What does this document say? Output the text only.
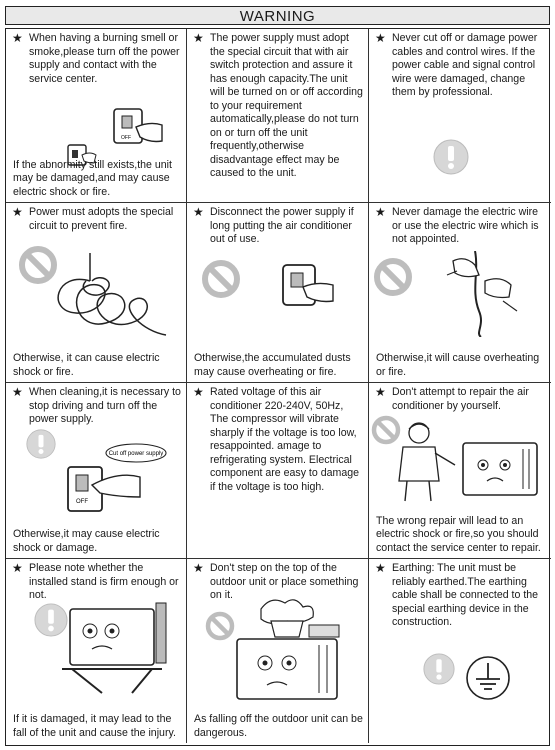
WARNING
★ When having a burning smell or smoke,please turn off the power supply and contact with the service center.
OFF
If the abnormity still exists,the unit may be damaged,and may cause electric shock or fire.
★ The power supply must adopt the special circuit that with air switch protection and assure it has enough capacity.The unit will be turned on or off according to your requirement automatically,please do not turn on or turn off the unit frequently,otherwise disadvantage effect may be caused to the unit.
★ Never cut off or damage power cables and control wires. If the power cable and signal control wire were damaged, change them by professional.
★ Power must adopts the special circuit to prevent fire.
Otherwise, it can cause electric shock or fire.
★ Disconnect the power supply if long putting the air conditioner out of use.
Otherwise,the accumulated dusts may cause overheating or fire.
★ Never damage the electric wire or use the electric wire which is not appointed.
Otherwise,it will cause overheating or fire.
★ When cleaning,it is necessary to stop driving and turn off the power supply.
Cut off power supply
OFF
Otherwise,it may cause electric shock or damage.
★ Rated voltage of this air conditioner 220-240V, 50Hz, The compressor will vibrate sharply if the voltage is too low, resappointed. amage to refrigerating system. Electrical component are easy to damage if the voltage is too high.
★ Don't attempt to repair the air conditioner by yourself.
The wrong repair will lead to an electric shock or fire,so you should contact the service center to repair.
★ Please note whether the installed stand is firm enough or not.
If it is damaged, it may lead to the fall of the unit and cause the injury.
★ Don't step on the top of the outdoor unit or place something on it.
As falling off the outdoor unit can be dangerous.
★ Earthing: The unit must be reliably earthed.The earthing cable shall be connected to the special earthing device in the construction.
